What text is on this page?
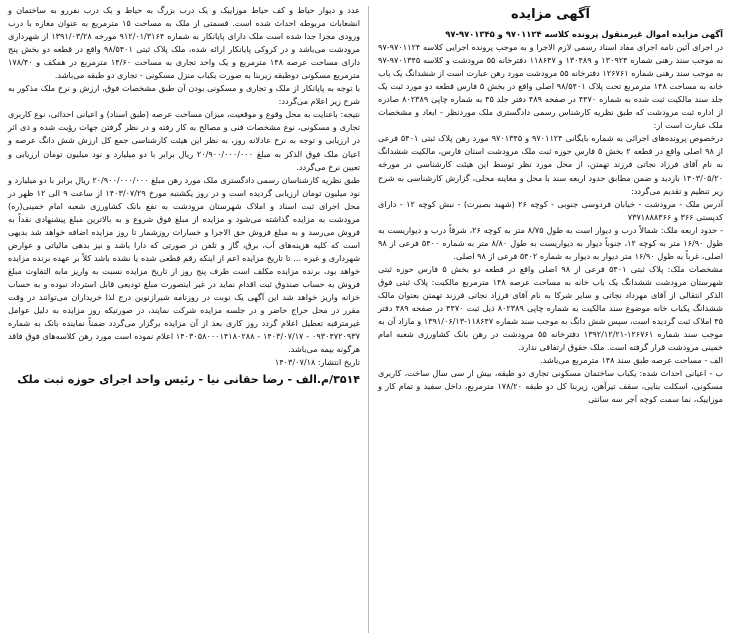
آگهی مزایده
آگهی مزایده اموال غیرمنقول پرونده کلاسه ۹۷۰۱۱۲۴ و ۹۷۰۱۳۴۵-۹۷

در اجرای آئین نامه اجرای مفاد اسناد رسمی لازم الاجرا و به موجب پرونده اجرایی کلاسه ۹۷۰۱۱۲۴-۹۷ به موجب سند رهنی شماره ۱۳۰۹۲۴ و ۱۳۰۴۸۹ و ۱۱۸۶۴۷ دفترخانه ۵۵ مرودشت و کلاسه ۹۷۰۱۳۴۵-۹۷ به موجب سند رهنی شماره ۱۲۶۷۶۱ دفترخانه ۵۵ مرودشت مورد رهن عبارت است از ششدانگ یک باب خانه به مساحت ۱۴۸ مترمربع تحت پلاک ۹۸/۵۴۰۱ اصلی واقع در بخش ۵ فارس قطعه دو مورد ثبت یک جلد سند مالکیت ثبت شده به شماره ۴۴۷۰ در صفحه ۴۸۹ دفتر جلد ۴۵ به شماره چاپی ۸۰۲۳۸۹ صادره از اداره ثبت مرودشت که طبق نظریه کارشناس رسمی دادگستری ملک موردنظر - ابعاد و مشخصات ملک عبارت است از:

درخصوص پرونده‌های اجرائی به شماره بایگانی ۹۷۰۱۱۲۴ و ۹۷۰۱۳۴۵ مورد رهن پلاک ثبتی ۵۴۰۱ فرعی از ۹۸ اصلی واقع در قطعه ۲ بخش ۵ فارس حوزه ثبت ملک مرودشت استان فارس، مالکیت ششدانگ به نام آقای فرزاد نجاتی فرزند تهمتن، از محل مورد نظر توسط این هیئت کارشناسی در مورخه ۱۴۰۳/۰۵/۲۰ بازدید و ضمن مطابق حدود اربعه سند با محل و معاینه محلی، گزارش کارشناسی به شرح زیر تنظیم و تقدیم می‌گردد:

آدرس ملک - مرودشت - خیابان فردوسی جنوبی - کوچه ۲۶ (شهید بصیرت) - نبش کوچه ۱۲ - دارای کدپستی ۳۶۶ و ۷۳۷۱۸۸۸۳۶۶

- حدود اربعه ملک: شمالاً درب و دیوار است به طول ۸/۷۵ متر به کوچه ۲۶، شرقاً درب و دیواریست به طول ۱۶/۹۰ متر به کوچه ۱۲، جنوباً دیوار به دیواریست به طول ۸/۸۰ متر به شماره ۵۴۰۰ فرعی از ۹۸ اصلی، غرباً به طول ۱۶/۹۰ متر دیوار به دیوار به شماره ۵۴۰۲ فرعی از ۹۸ اصلی.

مشخصات ملک: پلاک ثبتی ۵۴۰۱ فرعی از ۹۸ اصلی واقع در قطعه دو بخش ۵ فارس حوزه ثبتی شهرستان مرودشت ششدانگ یک باب خانه به مساحت عرصه ۱۴۸ مترمربع مالکیت: پلاک ثبتی فوق الذکر انتقالی از آقای مهرداد نجاتی و سایر شرکا به نام آقای فرزاد نجاتی فرزند تهمتن بعنوان مالک ششدانگ یکباب خانه موضوع سند مالکیت به شماره چاپی ۸۰۲۳۸۹ ذیل ثبت ۴۴۷۰ در صفحه ۴۸۹ دفتر ۴۵ املاک ثبت گردیده است، سپس شش دانگ به موجب سند شماره ۱۱۸۶۴۷-۱۳۹۱/۰۶/۱۳ و مازاد آن به موجب سند شماره ۱۲۶۷۶۱-۱۳۹۲/۱۲/۲۱ دفترخانه ۵۵ مرودشت در رهن بانک کشاورزی شعبه امام خمینی مرودشت قرار گرفته است. ملک حقوق ارتفاقی ندارد.

الف - مساحت عرصه طبق سند ۱۴۸ مترمربع می‌باشد.

ب - اعیانی احداث شده: یکباب ساختمان مسکونی تجاری دو طبقه، بیش از سی سال ساخت، کاربری مسکونی، اسکلت بنایی، سقف تیرآهن، زیربنا کل دو طبقه ۱۷۸/۲۰ مترمربع، داخل سفید و تمام کار و موزاییک، نما سمت کوچه آجر سه سانتی

عدد و دیوار حیاط و کف حیاط موزاییک و یک درب بزرگ به حیاط و یک درب نفررو به ساختمان و انشعابات مربوطه احداث شده است. قسمتی از ملک به مساحت ۱۵ مترمربع به عنوان مغازه با درب ورودی مجزا جدا شده است ملک دارای پایانکار به شماره ۹۱۲/۰۱/۳۱۶۴ مورخه ۱۳۹۱/۰۳/۲۸ از شهرداری مرودشت می‌باشد و در کروکی پایانکار ارائه شده، ملک پلاک ثبتی ۹۸/۵۴۰۱ واقع در قطعه دو بخش پنج دارای مساحت عرصه ۱۴۸ مترمربع و یک واحد تجاری به مساحت ۱۴/۶۰ مترمربع در همکف و ۱۷۸/۴۰ مترمربع مسکونی دوطبقه زیربنا به صورت یکباب منزل مسکونی - تجاری دو طبقه می‌باشد.

با توجه به پایانکار از ملک و تجاری و مسکونی بودن آن طبق مشخصات فوق، ارزش و نرخ ملک مذکور به شرح زیر اعلام می‌گردد:

نتیجه: باعنایت به محل وقوع و موقعیت، میزان مساحت عرصه (طبق اسناد) و اعیانی احداثی، نوع کاربری تجاری و مسکونی، نوع مشخصات فنی و مصالح به کار رفته و در نظر گرفتن جهات رؤیت شده و ذی اثر در ارزیابی و توجه به نرخ عادلانه روز، به نظر این هیئت کارشناسی جمع کل ارزش شش دانگ عرصه و اعیان ملک فوق الذکر به مبلغ ۲۰/۹۰۰/۰۰۰/۰۰۰ ریال برابر با دو میلیارد و نود میلیون تومان ارزیابی و تعیین نرخ می‌گردد.

طبق نظریه کارشناسان رسمی دادگستری ملک مورد رهن مبلغ ۲۰/۹۰۰/۰۰۰/۰۰۰ ریال برابر با دو میلیارد و نود میلیون تومان ارزیابی گردیده است و در روز یکشنبه مورخ ۱۴۰۳/۰۷/۲۹ از ساعت ۹ الی ۱۲ ظهر در محل اجرای ثبت اسناد و املاک شهرستان مرودشت به نفع بانک کشاورزی شعبه امام خمینی(ره) مرودشت به مزایده گذاشته می‌شود و مزایده از مبلغ فوق شروع و به بالاترین مبلغ پیشنهادی نقداً به فروش می‌رسد و به مبلغ فروش حق الاجرا و خسارات روزشمار تا روز مزایده اضافه خواهد شد بدیهی است که کلیه هزینه‌های آب، برق، گاز و تلفن در صورتی که دارا باشد و نیز بدهی مالیاتی و عوارض شهرداری و غیره ... تا تاریخ مزایده اعم از اینکه رقم قطعی شده یا نشده باشد کلاً بر عهده برنده مزایده خواهد بود، برنده مزایده مکلف است ظرف پنج روز از تاریخ مزایده نسبت به واریز مابه التفاوت مبلغ فروش به حساب صندوق ثبت اقدام نماید در غیر اینصورت مبلغ تودیعی قابل استرداد نبوده و به حساب خزانه واریز خواهد شد این آگهی یک نوبت در روزنامه شیرازنوین درج لذا خریداران می‌توانند در وقت مقرر در محل حراج حاضر و در جلسه مزایده شرکت نمایند، در صورتیکه روز مزایده به دلیل عوامل غیرمترقبه تعطیل اعلام گردد روز کاری بعد از آن مزایده برگزار می‌گردد ضمناً نماینده بانک به شماره ۰۹۳۰۴۷۲۰۹۳۷ - ۱۴۰۳/۰۷/۱۷ - ۱۴۰۳۰۵۸۰۰۰۱۴۱۸۰۲۸۸ اعلام نموده است مورد رهن کلاسه‌های فوق فاقد هرگونه بیمه می‌باشد.

تاریخ انتشار: ۱۴۰۳/۰۷/۱۸

۳۵۱۴/م.الف - رضا حقانی نیا - رئیس واحد اجرای حوزه ثبت ملک
